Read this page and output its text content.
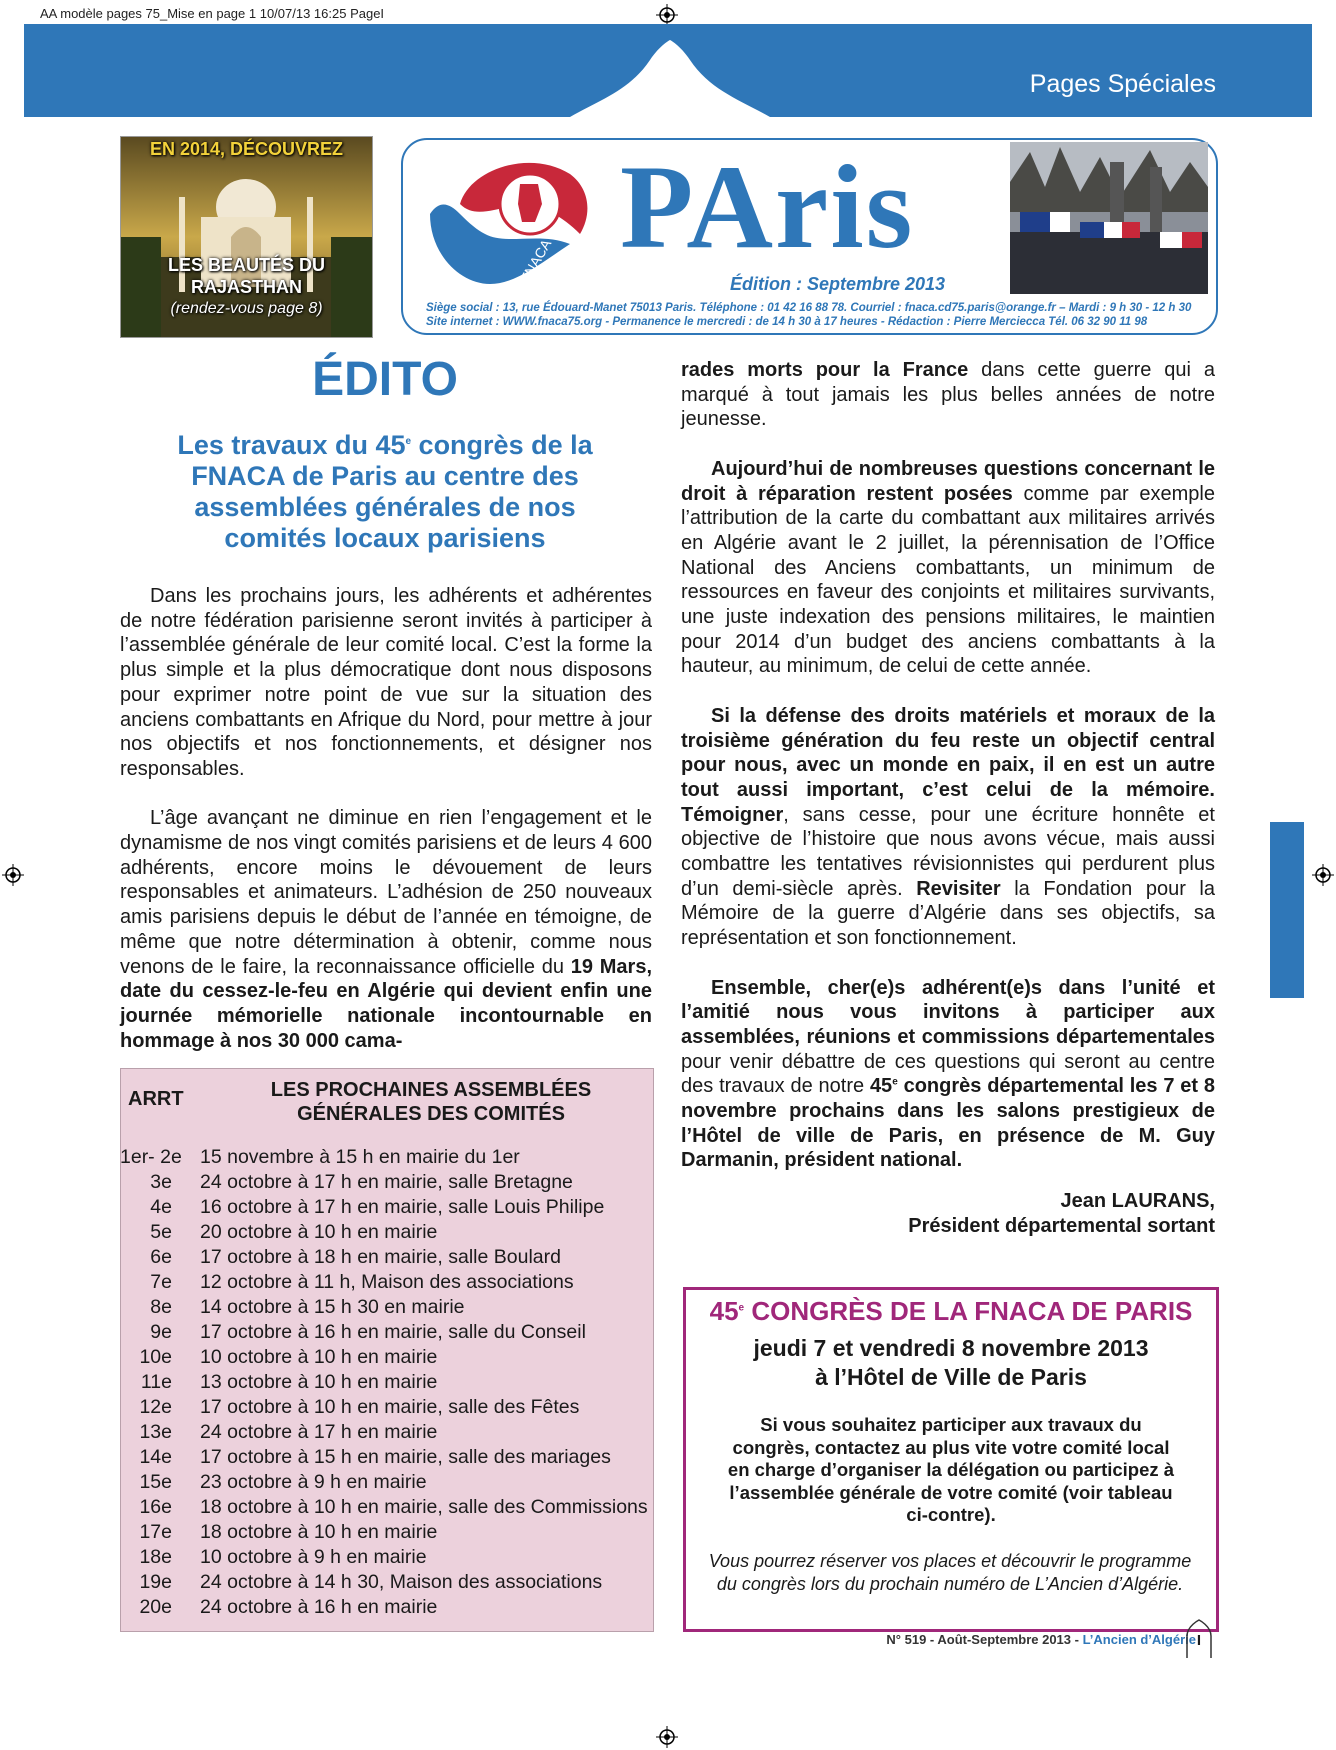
AA modèle pages 75_Mise en page 1 10/07/13 16:25 PageI
Pages Spéciales
EN 2014, DÉCOUVREZ
LES BEAUTÉS DU
RAJASTHAN
(rendez-vous page 8)
FNACA PAris
Édition : Septembre 2013
Siège social : 13, rue Édouard-Manet 75013 Paris. Téléphone : 01 42 16 88 78. Courriel : fnaca.cd75.paris@orange.fr – Mardi : 9 h 30 - 12 h 30
Site internet : WWW.fnaca75.org - Permanence le mercredi : de 14 h 30 à 17 heures - Rédaction : Pierre Merciecca Tél. 06 32 90 11 98
ÉDITO
Les travaux du 45e congrès de la FNACA de Paris au centre des assemblées générales de nos comités locaux parisiens

Dans les prochains jours, les adhérents et adhérentes de notre fédération parisienne seront invités à participer à l’assemblée générale de leur comité local. C’est la forme la plus simple et la plus démocratique dont nous disposons pour exprimer notre point de vue sur la situation des anciens combattants en Afrique du Nord, pour mettre à jour nos objectifs et nos fonctionnements, et désigner nos responsables.

L’âge avançant ne diminue en rien l’engagement et le dynamisme de nos vingt comités parisiens et de leurs 4 600 adhérents, encore moins le dévouement de leurs responsables et animateurs. L’adhésion de 250 nouveaux amis parisiens depuis le début de l’année en témoigne, de même que notre détermination à obtenir, comme nous venons de le faire, la reconnaissance officielle du 19 Mars, date du cessez-le-feu en Algérie qui devient enfin une journée mémorielle nationale incontournable en hommage à nos 30 000 cama-

ARRT	LES PROCHAINES ASSEMBLÉES GÉNÉRALES DES COMITÉS
1er- 2e 15 novembre à 15 h en mairie du 1er
3e 24 octobre à 17 h en mairie, salle Bretagne
4e 16 octobre à 17 h en mairie, salle Louis Philipe
5e 20 octobre à 10 h en mairie
6e 17 octobre à 18 h en mairie, salle Boulard
7e 12 octobre à 11 h, Maison des associations
8e 14 octobre à 15 h 30 en mairie
9e 17 octobre à 16 h en mairie, salle du Conseil
10e 10 octobre à 10 h en mairie
11e 13 octobre à 10 h en mairie
12e 17 octobre à 10 h en mairie, salle des Fêtes
13e 24 octobre à 17 h en mairie
14e 17 octobre à 15 h en mairie, salle des mariages
15e 23 octobre à 9 h en mairie
16e 18 octobre à 10 h en mairie, salle des Commissions
17e 18 octobre à 10 h en mairie
18e 10 octobre à 9 h en mairie
19e 24 octobre à 14 h 30, Maison des associations
20e 24 octobre à 16 h en mairie

rades morts pour la France dans cette guerre qui a marqué à tout jamais les plus belles années de notre jeunesse.

Aujourd’hui de nombreuses questions concernant le droit à réparation restent posées comme par exemple l’attribution de la carte du combattant aux militaires arrivés en Algérie avant le 2 juillet, la pérennisation de l’Office National des Anciens combattants, un minimum de ressources en faveur des conjoints et militaires survivants, une juste indexation des pensions militaires, le maintien pour 2014 d’un budget des anciens combattants à la hauteur, au minimum, de celui de cette année.

Si la défense des droits matériels et moraux de la troisième génération du feu reste un objectif central pour nous, avec un monde en paix, il en est un autre tout aussi important, c’est celui de la mémoire. Témoigner, sans cesse, pour une écriture honnête et objective de l’histoire que nous avons vécue, mais aussi combattre les tentatives révisionnistes qui perdurent plus d’un demi-siècle après. Revisiter la Fondation pour la Mémoire de la guerre d’Algérie dans ses objectifs, sa représentation et son fonctionnement.

Ensemble, cher(e)s adhérent(e)s dans l’unité et l’amitié nous vous invitons à participer aux assemblées, réunions et commissions départementales pour venir débattre de ces questions qui seront au centre des travaux de notre 45e congrès départemental les 7 et 8 novembre prochains dans les salons prestigieux de l’Hôtel de ville de Paris, en présence de M. Guy Darmanin, président national.

Jean LAURANS,
Président départemental sortant
45e CONGRÈS DE LA FNACA DE PARIS
jeudi 7 et vendredi 8 novembre 2013
à l’Hôtel de Ville de Paris
Si vous souhaitez participer aux travaux du congrès, contactez au plus vite votre comité local en charge d’organiser la délégation ou participez à l’assemblée générale de votre comité (voir tableau ci-contre).
Vous pourrez réserver vos places et découvrir le programme du congrès lors du prochain numéro de L’Ancien d’Algérie.
N° 519 - Août-Septembre 2013 - L’Ancien d’Algérie I
